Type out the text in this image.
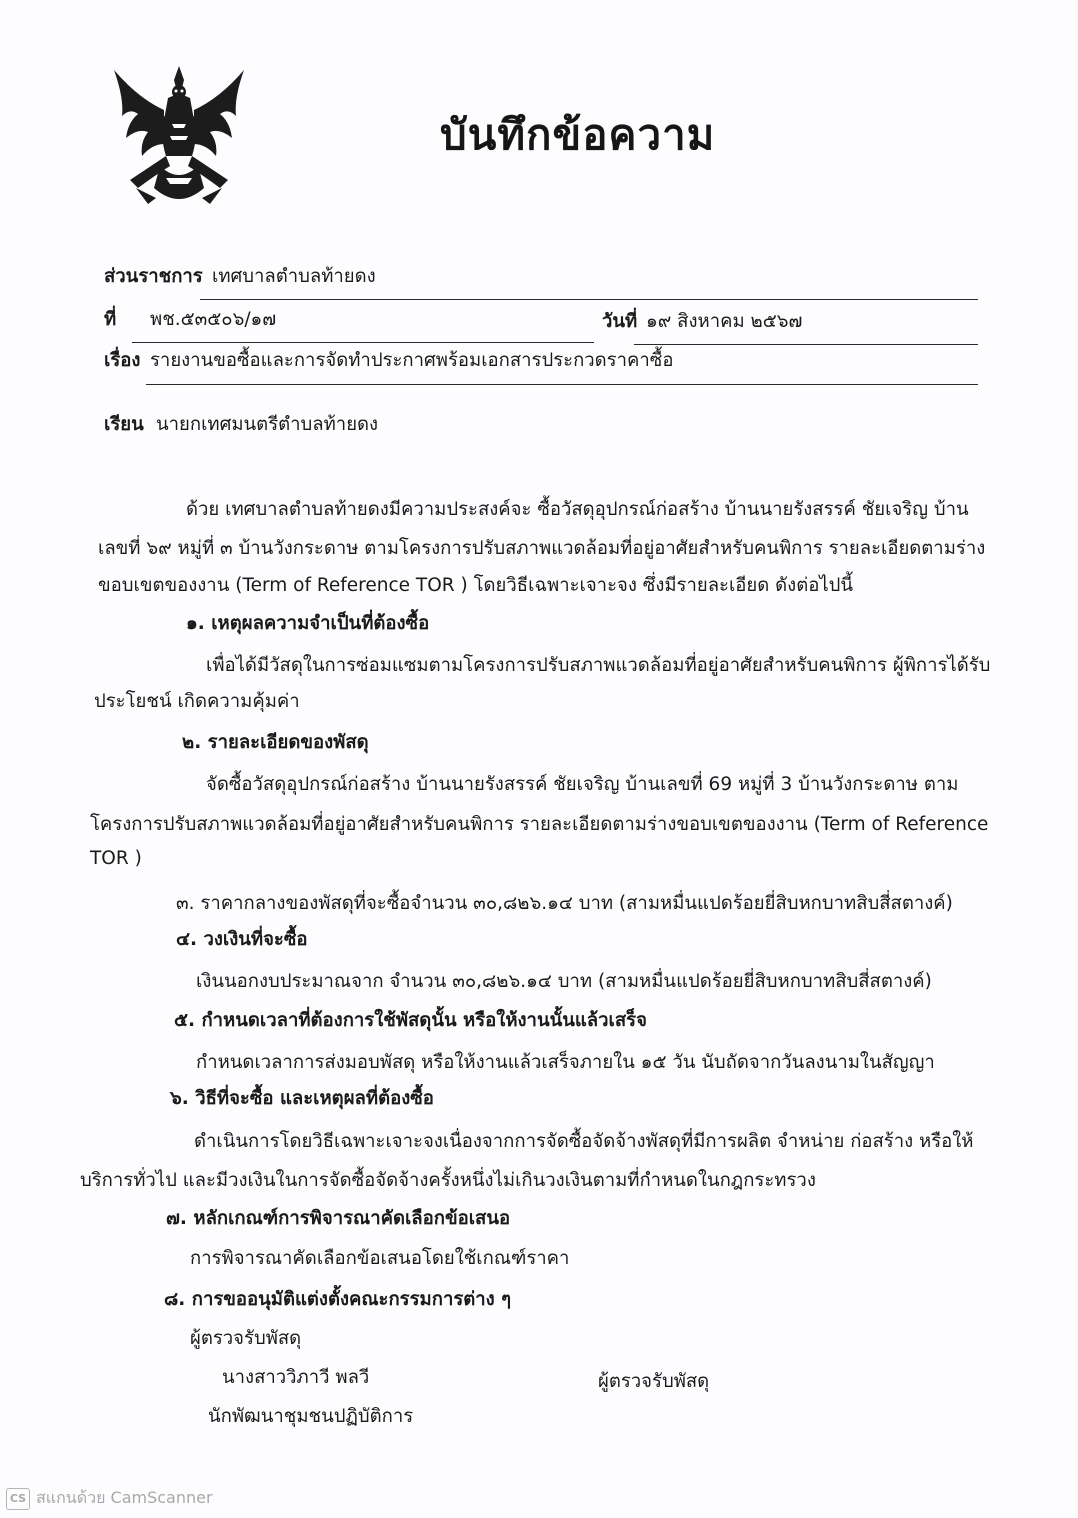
บันทึกข้อความ
ส่วนราชการ เทศบาลตำบลท้ายดง
ที่ พช.๕๓๕๐๖/๑๗	วันที่ ๑๙ สิงหาคม ๒๕๖๗
เรื่อง รายงานขอซื้อและการจัดทำประกาศพร้อมเอกสารประกวดราคาซื้อ
เรียน นายกเทศมนตรีตำบลท้ายดง
ด้วย เทศบาลตำบลท้ายดงมีความประสงค์จะ ซื้อวัสดุอุปกรณ์ก่อสร้าง บ้านนายรังสรรค์ ชัยเจริญ บ้าน
เลขที่ ๖๙ หมู่ที่ ๓ บ้านวังกระดาษ ตามโครงการปรับสภาพแวดล้อมที่อยู่อาศัยสำหรับคนพิการ รายละเอียดตามร่าง
ขอบเขตของงาน (Term of Reference TOR ) โดยวิธีเฉพาะเจาะจง ซึ่งมีรายละเอียด ดังต่อไปนี้
๑. เหตุผลความจำเป็นที่ต้องซื้อ
เพื่อได้มีวัสดุในการซ่อมแซมตามโครงการปรับสภาพแวดล้อมที่อยู่อาศัยสำหรับคนพิการ ผู้พิการได้รับ
ประโยชน์ เกิดความคุ้มค่า
๒. รายละเอียดของพัสดุ
จัดซื้อวัสดุอุปกรณ์ก่อสร้าง บ้านนายรังสรรค์ ชัยเจริญ บ้านเลขที่ 69 หมู่ที่ 3 บ้านวังกระดาษ ตาม
โครงการปรับสภาพแวดล้อมที่อยู่อาศัยสำหรับคนพิการ รายละเอียดตามร่างขอบเขตของงาน (Term of Reference
TOR )
๓. ราคากลางของพัสดุที่จะซื้อจำนวน ๓๐,๘๒๖.๑๔ บาท (สามหมื่นแปดร้อยยี่สิบหกบาทสิบสี่สตางค์)
๔. วงเงินที่จะซื้อ
เงินนอกงบประมาณจาก จำนวน ๓๐,๘๒๖.๑๔ บาท (สามหมื่นแปดร้อยยี่สิบหกบาทสิบสี่สตางค์)
๕. กำหนดเวลาที่ต้องการใช้พัสดุนั้น หรือให้งานนั้นแล้วเสร็จ
กำหนดเวลาการส่งมอบพัสดุ หรือให้งานแล้วเสร็จภายใน ๑๕ วัน นับถัดจากวันลงนามในสัญญา
๖. วิธีที่จะซื้อ และเหตุผลที่ต้องซื้อ
ดำเนินการโดยวิธีเฉพาะเจาะจงเนื่องจากการจัดซื้อจัดจ้างพัสดุที่มีการผลิต จำหน่าย ก่อสร้าง หรือให้
บริการทั่วไป และมีวงเงินในการจัดซื้อจัดจ้างครั้งหนึ่งไม่เกินวงเงินตามที่กำหนดในกฎกระทรวง
๗. หลักเกณฑ์การพิจารณาคัดเลือกข้อเสนอ
การพิจารณาคัดเลือกข้อเสนอโดยใช้เกณฑ์ราคา
๘. การขออนุมัติแต่งตั้งคณะกรรมการต่าง ๆ
ผู้ตรวจรับพัสดุ
นางสาววิภาวี พลวี	ผู้ตรวจรับพัสดุ
นักพัฒนาชุมชนปฏิบัติการ
CS สแกนด้วย CamScanner
